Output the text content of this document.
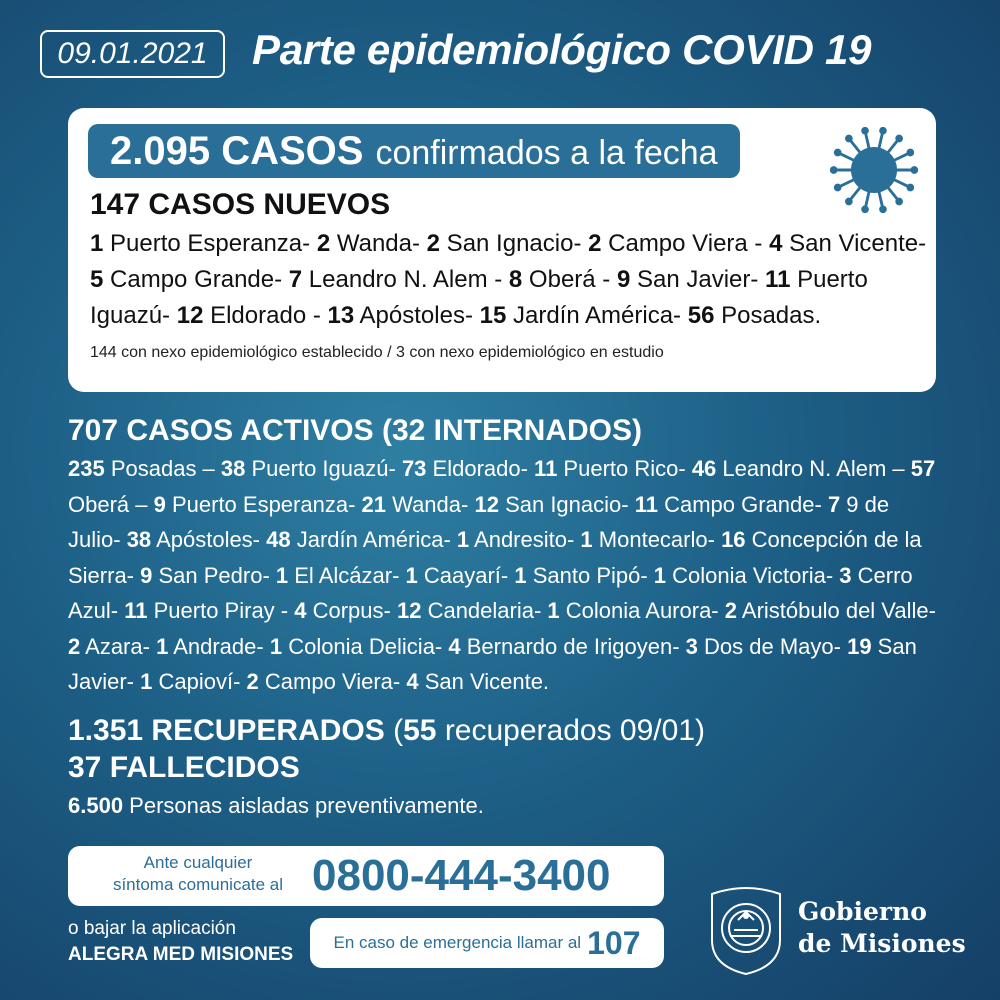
09.01.2021 Parte epidemiológico COVID 19
2.095 CASOS confirmados a la fecha
147 CASOS NUEVOS
1 Puerto Esperanza- 2 Wanda- 2 San Ignacio- 2 Campo Viera - 4 San Vicente- 5 Campo Grande- 7 Leandro N. Alem - 8 Oberá - 9 San Javier- 11 Puerto Iguazú- 12 Eldorado - 13 Apóstoles- 15 Jardín América- 56 Posadas.
144 con nexo epidemiológico establecido / 3 con nexo epidemiológico en estudio
707 CASOS ACTIVOS (32 INTERNADOS)
235 Posadas – 38 Puerto Iguazú- 73 Eldorado- 11 Puerto Rico- 46 Leandro N. Alem – 57 Oberá – 9 Puerto Esperanza- 21 Wanda- 12 San Ignacio- 11 Campo Grande- 7 9 de Julio- 38 Apóstoles- 48 Jardín América- 1 Andresito- 1 Montecarlo- 16 Concepción de la Sierra- 9 San Pedro- 1 El Alcázar- 1 Caayarí- 1 Santo Pipó- 1 Colonia Victoria- 3 Cerro Azul- 11 Puerto Piray - 4 Corpus- 12 Candelaria- 1 Colonia Aurora- 2 Aristóbulo del Valle- 2 Azara- 1 Andrade- 1 Colonia Delicia- 4 Bernardo de Irigoyen- 3 Dos de Mayo- 19 San Javier- 1 Capioví- 2 Campo Viera- 4 San Vicente.
1.351 RECUPERADOS (55 recuperados 09/01)
37 FALLECIDOS
6.500 Personas aisladas preventivamente.
Ante cualquier
síntoma comunicate al 0800-444-3400
o bajar la aplicación
ALEGRA MED MISIONES
En caso de emergencia llamar al 107
Gobierno
de Misiones
